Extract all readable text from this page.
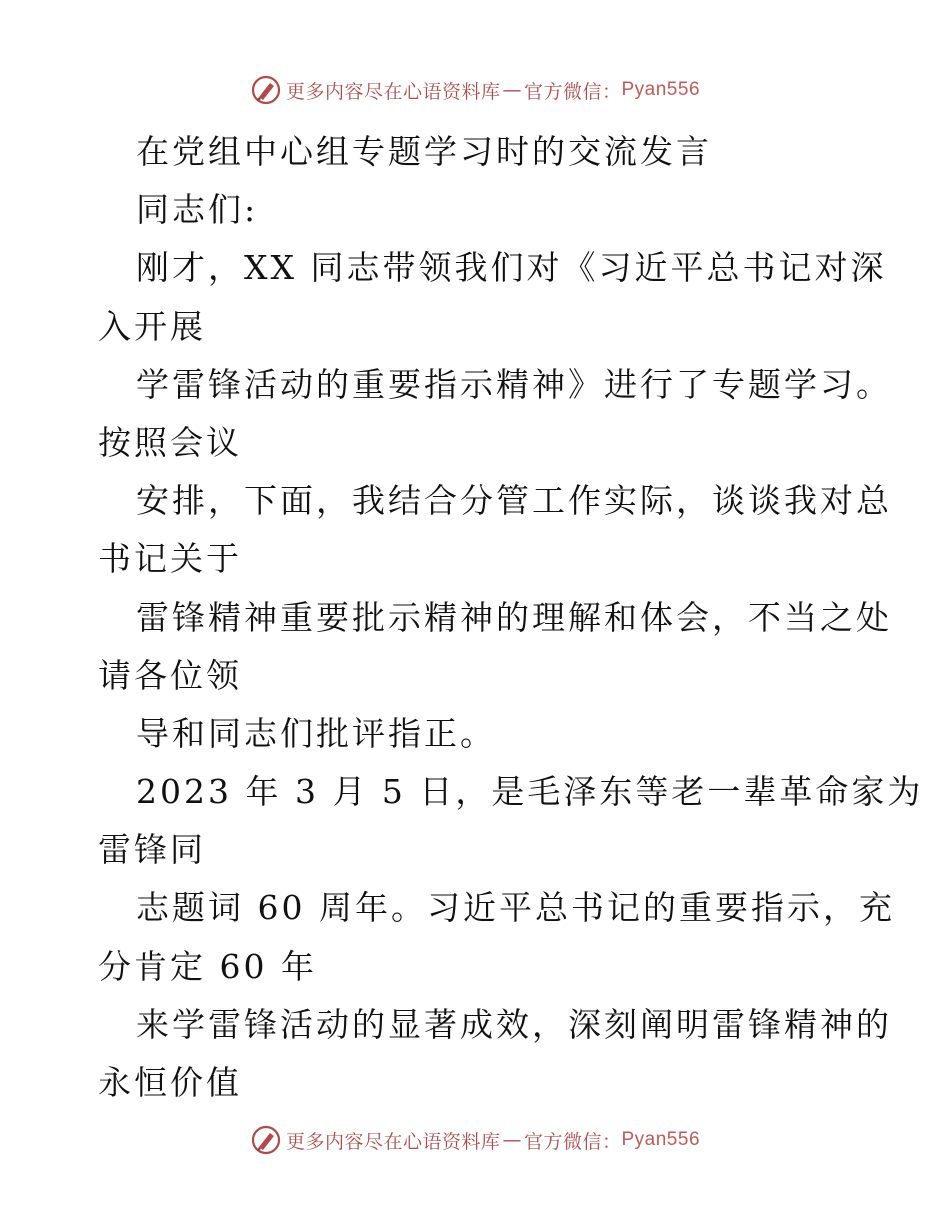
更多内容尽在心语资料库 — 官方微信： Pyan556
在党组中心组专题学习时的交流发言
同志们:
刚才，XX 同志带领我们对《习近平总书记对深
入开展
学雷锋活动的重要指示精神》进行了专题学习。
按照会议
安排，下面，我结合分管工作实际，谈谈我对总
书记关于
雷锋精神重要批示精神的理解和体会，不当之处
请各位领
导和同志们批评指正。
2023 年 3 月 5 日，是毛泽东等老一辈革命家为
雷锋同
志题词 60 周年。习近平总书记的重要指示，充
分肯定 60 年
来学雷锋活动的显著成效，深刻阐明雷锋精神的
永恒价值
更多内容尽在心语资料库 — 官方微信： Pyan556
